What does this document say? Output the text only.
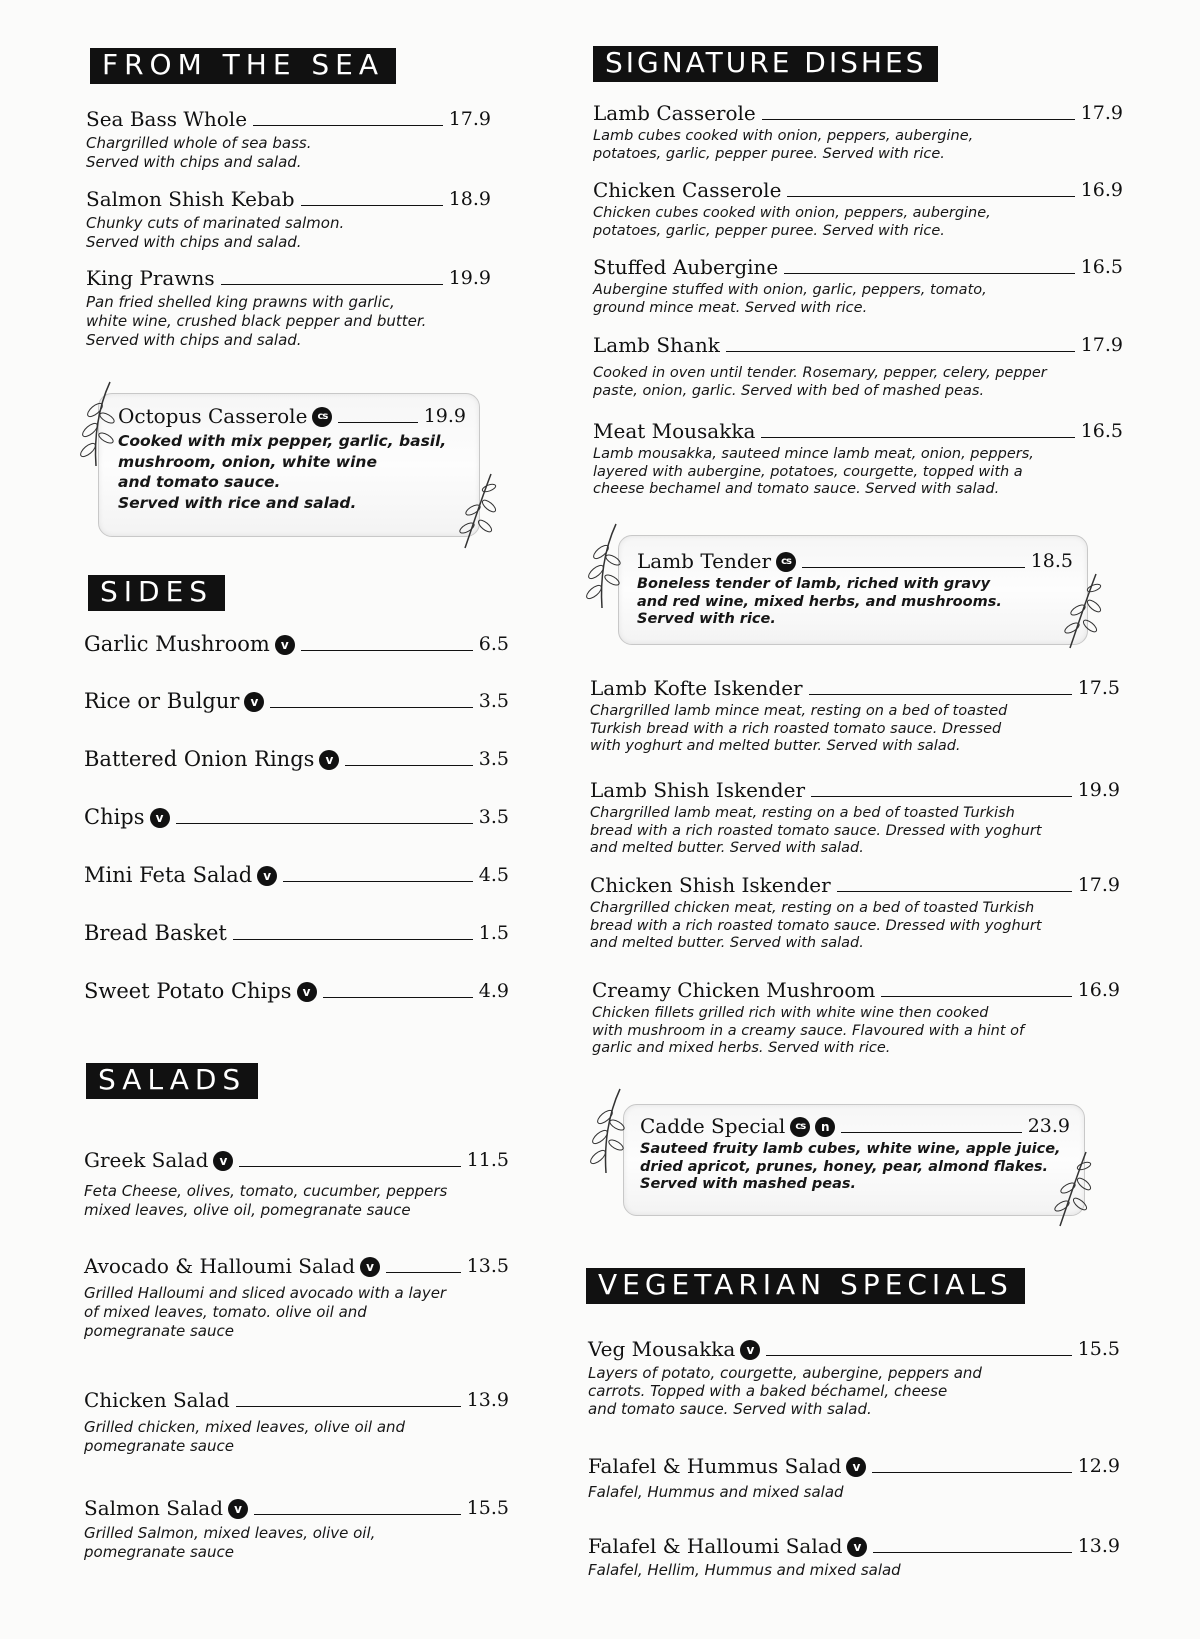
FROM THE SEA
Sea Bass Whole	17.9
Chargrilled whole of sea bass.
Served with chips and salad.
Salmon Shish Kebab	18.9
Chunky cuts of marinated salmon.
Served with chips and salad.
King Prawns	19.9
Pan fried shelled king prawns with garlic,
white wine, crushed black pepper and butter.
Served with chips and salad.
Octopus Casserole	cs	19.9
Cooked with mix pepper, garlic, basil,
mushroom, onion, white wine
and tomato sauce.
Served with rice and salad.
SIDES
Garlic Mushroom v	6.5
Rice or Bulgur v	3.5
Battered Onion Rings v	3.5
Chips v	3.5
Mini Feta Salad v	4.5
Bread Basket	1.5
Sweet Potato Chips v	4.9
SALADS
Greek Salad v	11.5
Feta Cheese, olives, tomato, cucumber, peppers
mixed leaves, olive oil, pomegranate sauce
Avocado & Halloumi Salad v	13.5
Grilled Halloumi and sliced avocado with a layer
of mixed leaves, tomato. olive oil and
pomegranate sauce
Chicken Salad	13.9
Grilled chicken, mixed leaves, olive oil and
pomegranate sauce
Salmon Salad v	15.5
Grilled Salmon, mixed leaves, olive oil,
pomegranate sauce
SIGNATURE DISHES
Lamb Casserole	17.9
Lamb cubes cooked with onion, peppers, aubergine,
potatoes, garlic, pepper puree. Served with rice.
Chicken Casserole	16.9
Chicken cubes cooked with onion, peppers, aubergine,
potatoes, garlic, pepper puree. Served with rice.
Stuffed Aubergine	16.5
Aubergine stuffed with onion, garlic, peppers, tomato,
ground mince meat. Served with rice.
Lamb Shank	17.9
Cooked in oven until tender. Rosemary, pepper, celery, pepper
paste, onion, garlic. Served with bed of mashed peas.
Meat Mousakka	16.5
Lamb mousakka, sauteed mince lamb meat, onion, peppers,
layered with aubergine, potatoes, courgette, topped with a
cheese bechamel and tomato sauce. Served with salad.
Lamb Tender	cs	18.5
Boneless tender of lamb, riched with gravy
and red wine, mixed herbs, and mushrooms.
Served with rice.
Lamb Kofte Iskender	17.5
Chargrilled lamb mince meat, resting on a bed of toasted
Turkish bread with a rich roasted tomato sauce. Dressed
with yoghurt and melted butter. Served with salad.
Lamb Shish Iskender	19.9
Chargrilled lamb meat, resting on a bed of toasted Turkish
bread with a rich roasted tomato sauce. Dressed with yoghurt
and melted butter. Served with salad.
Chicken Shish Iskender	17.9
Chargrilled chicken meat, resting on a bed of toasted Turkish
bread with a rich roasted tomato sauce. Dressed with yoghurt
and melted butter. Served with salad.
Creamy Chicken Mushroom	16.9
Chicken fillets grilled rich with white wine then cooked
with mushroom in a creamy sauce. Flavoured with a hint of
garlic and mixed herbs. Served with rice.
Cadde Special	cs	n	23.9
Sauteed fruity lamb cubes, white wine, apple juice,
dried apricot, prunes, honey, pear, almond flakes.
Served with mashed peas.
VEGETARIAN SPECIALS
Veg Mousakka v	15.5
Layers of potato, courgette, aubergine, peppers and
carrots. Topped with a baked béchamel, cheese
and tomato sauce. Served with salad.
Falafel & Hummus Salad v	12.9
Falafel, Hummus and mixed salad
Falafel & Halloumi Salad v	13.9
Falafel, Hellim, Hummus and mixed salad
